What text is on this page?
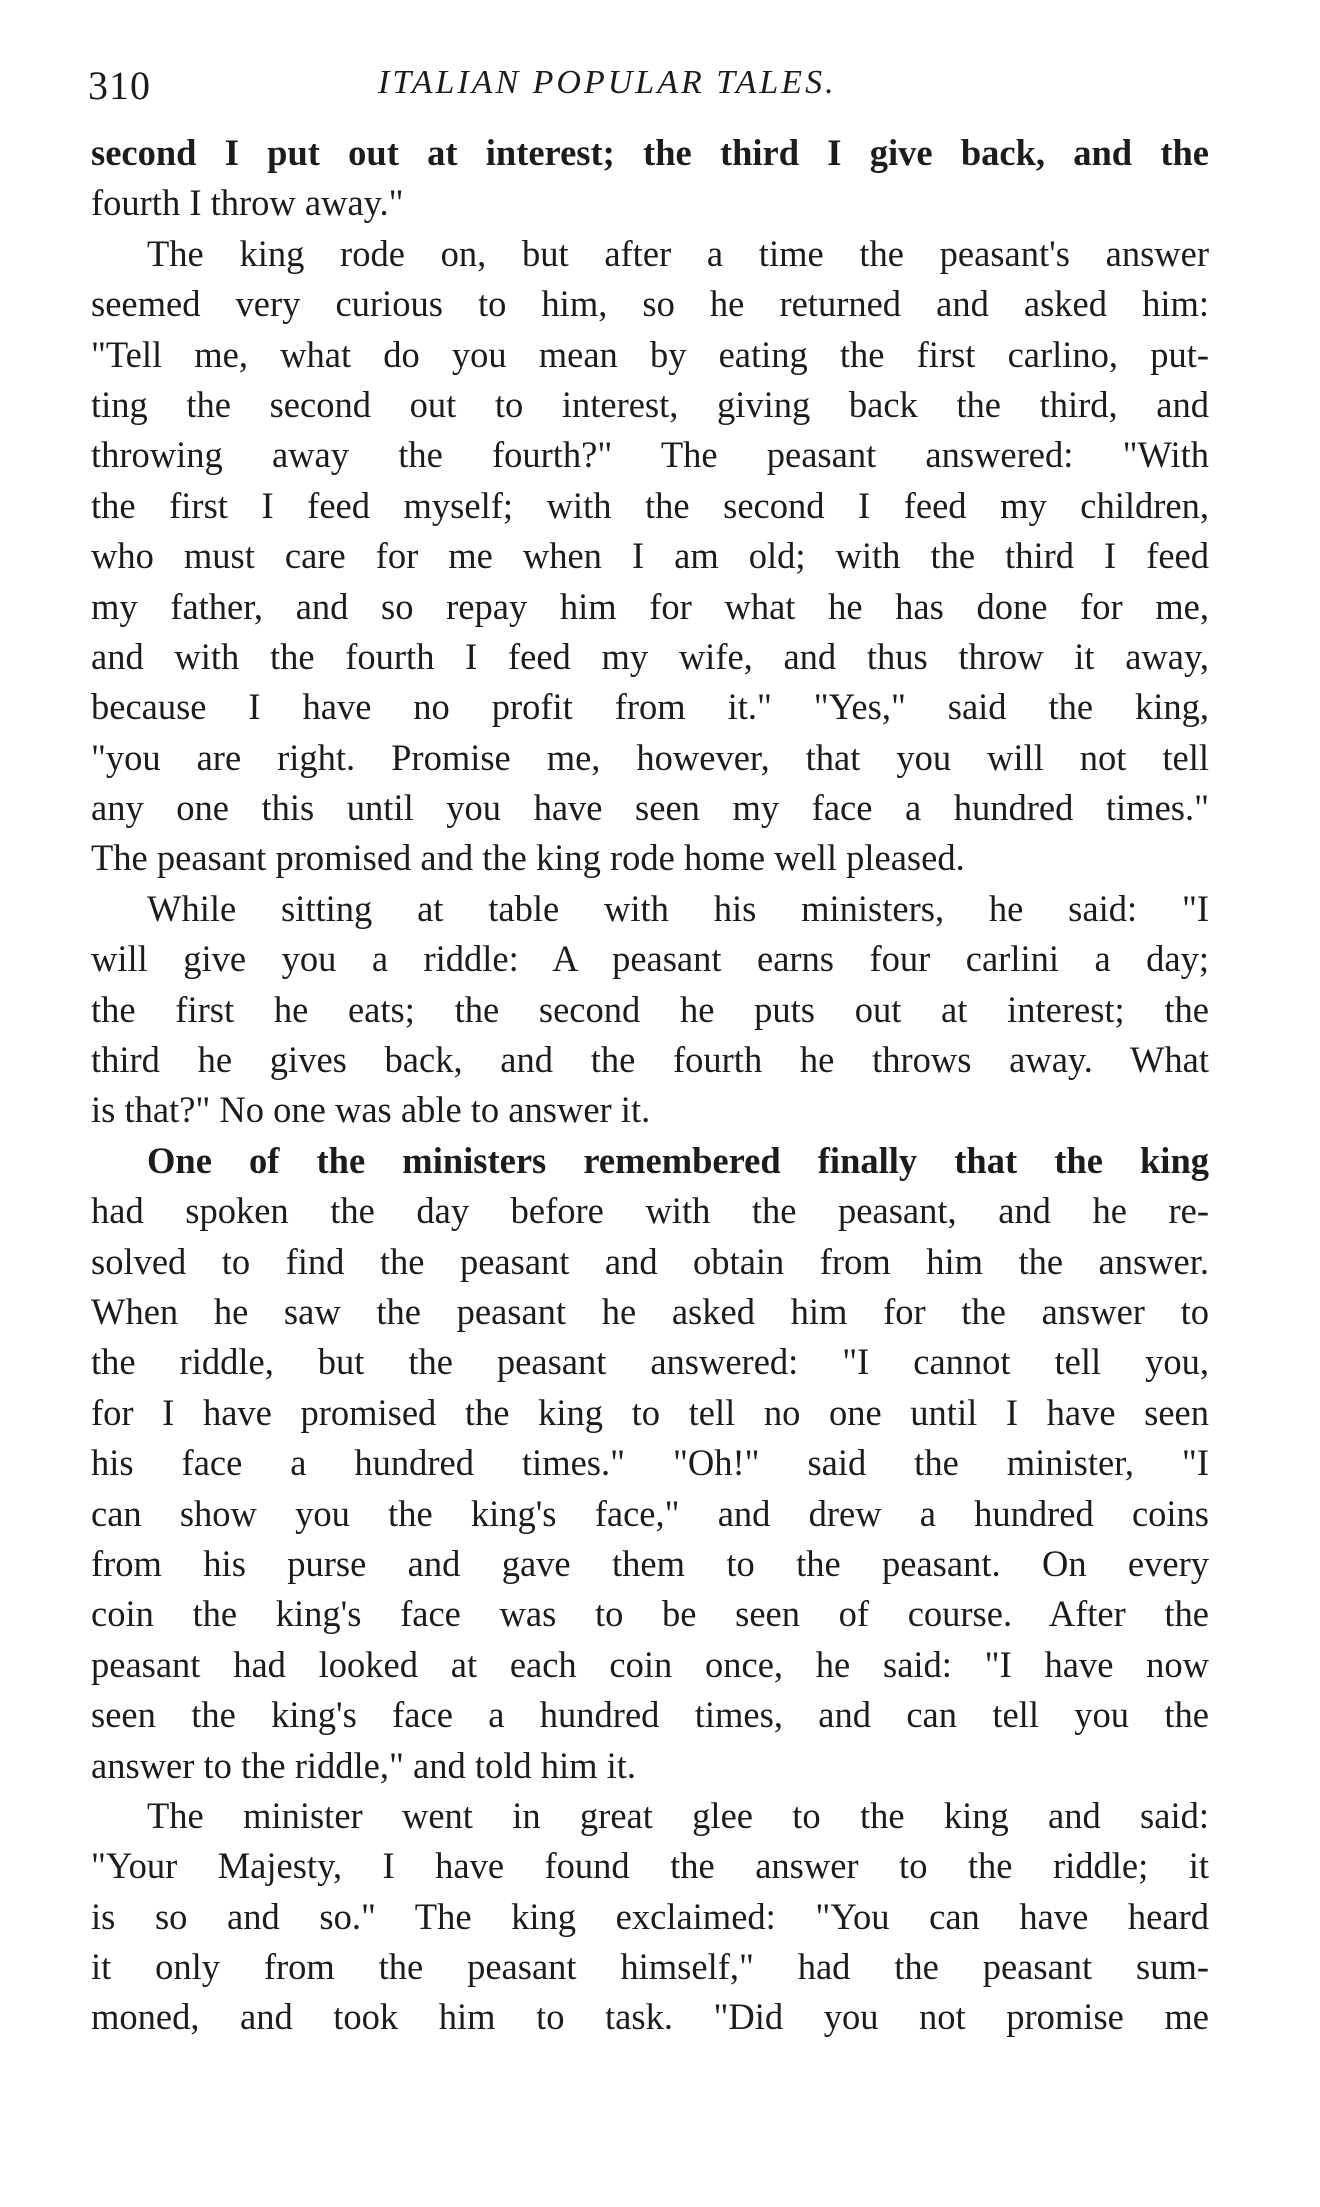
310	ITALIAN POPULAR TALES.
second I put out at interest; the third I give back, and the
fourth I throw away."
The king rode on, but after a time the peasant's answer
seemed very curious to him, so he returned and asked him:
"Tell me, what do you mean by eating the first carlino, put-
ting the second out to interest, giving back the third, and
throwing away the fourth?" The peasant answered: "With
the first I feed myself; with the second I feed my children,
who must care for me when I am old; with the third I feed
my father, and so repay him for what he has done for me,
and with the fourth I feed my wife, and thus throw it away,
because I have no profit from it." "Yes," said the king,
"you are right. Promise me, however, that you will not tell
any one this until you have seen my face a hundred times."
The peasant promised and the king rode home well pleased.
While sitting at table with his ministers, he said: "I
will give you a riddle: A peasant earns four carlini a day;
the first he eats; the second he puts out at interest; the
third he gives back, and the fourth he throws away. What
is that?" No one was able to answer it.
One of the ministers remembered finally that the king
had spoken the day before with the peasant, and he re-
solved to find the peasant and obtain from him the answer.
When he saw the peasant he asked him for the answer to
the riddle, but the peasant answered: "I cannot tell you,
for I have promised the king to tell no one until I have seen
his face a hundred times." "Oh!" said the minister, "I
can show you the king's face," and drew a hundred coins
from his purse and gave them to the peasant. On every
coin the king's face was to be seen of course. After the
peasant had looked at each coin once, he said: "I have now
seen the king's face a hundred times, and can tell you the
answer to the riddle," and told him it.
The minister went in great glee to the king and said:
"Your Majesty, I have found the answer to the riddle; it
is so and so." The king exclaimed: "You can have heard
it only from the peasant himself," had the peasant sum-
moned, and took him to task. "Did you not promise me
